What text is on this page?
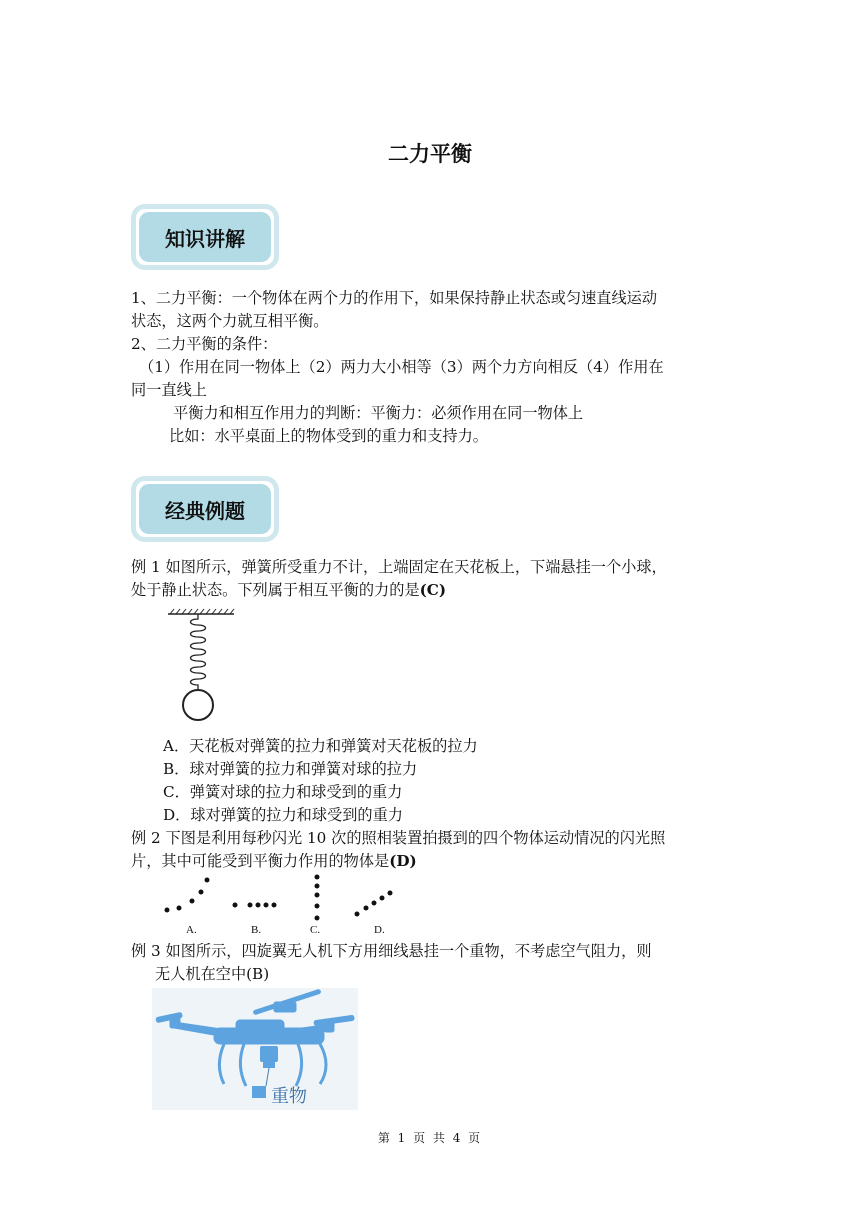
二力平衡
知识讲解
1、二力平衡：一个物体在两个力的作用下，如果保持静止状态或匀速直线运动
状态，这两个力就互相平衡。
2、二力平衡的条件：
（1）作用在同一物体上（2）两力大小相等（3）两个力方向相反（4）作用在
同一直线上
平衡力和相互作用力的判断：平衡力：必须作用在同一物体上
比如：水平桌面上的物体受到的重力和支持力。
经典例题
例 1 如图所示，弹簧所受重力不计，上端固定在天花板上，下端悬挂一个小球，
处于静止状态。下列属于相互平衡的力的是(C)
A．天花板对弹簧的拉力和弹簧对天花板的拉力
B．球对弹簧的拉力和弹簧对球的拉力
C．弹簧对球的拉力和球受到的重力
D．球对弹簧的拉力和球受到的重力
例 2 下图是利用每秒闪光 10 次的照相装置拍摄到的四个物体运动情况的闪光照
片，其中可能受到平衡力作用的物体是(D)
A.	B.	C.	D.
例 3 如图所示，四旋翼无人机下方用细线悬挂一个重物，不考虑空气阻力，则
无人机在空中(B)
重物
第 1 页 共 4 页
